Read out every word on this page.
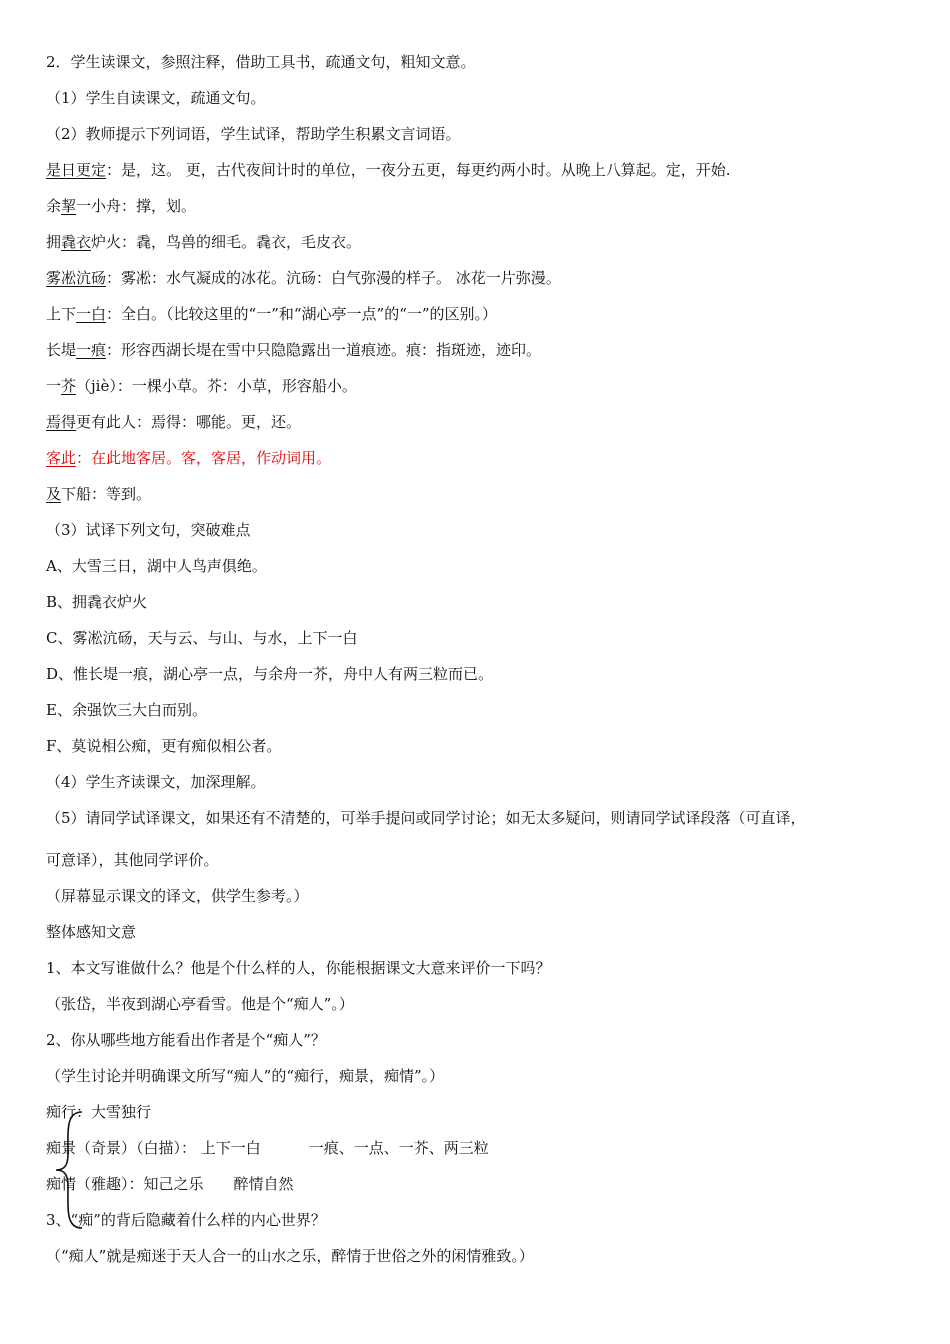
2．学生读课文，参照注释，借助工具书，疏通文句，粗知文意。
（1）学生自读课文，疏通文句。
（2）教师提示下列词语，学生试译，帮助学生积累文言词语。
是日更定：是，这。 更，古代夜间计时的单位，一夜分五更，每更约两小时。从晚上八算起。定，开始.
余挈一小舟：撑，划。
拥毳衣炉火：毳，鸟兽的细毛。毳衣，毛皮衣。
雾凇沆砀：雾凇：水气凝成的冰花。沆砀：白气弥漫的样子。 冰花一片弥漫。
上下一白：全白。（比较这里的“一”和“湖心亭一点”的“一”的区别。）
长堤一痕：形容西湖长堤在雪中只隐隐露出一道痕迹。痕：指斑迹，迹印。
一芥（jiè）：一棵小草。芥：小草，形容船小。
焉得更有此人：焉得：哪能。更，还。
客此：在此地客居。客，客居，作动词用。
及下船：等到。
（3）试译下列文句，突破难点
A、大雪三日，湖中人鸟声俱绝。
B、拥毳衣炉火
C、雾凇沆砀，天与云、与山、与水，上下一白
D、惟长堤一痕，湖心亭一点，与余舟一芥，舟中人有两三粒而已。
E、余强饮三大白而别。
F、莫说相公痴，更有痴似相公者。
（4）学生齐读课文，加深理解。
（5）请同学试译课文，如果还有不清楚的，可举手提问或同学讨论；如无太多疑问，则请同学试译段落（可直译，
可意译），其他同学评价。
（屏幕显示课文的译文，供学生参考。）
整体感知文意
1、本文写谁做什么？他是个什么样的人，你能根据课文大意来评价一下吗？
（张岱，半夜到湖心亭看雪。他是个“痴人”。）
2、你从哪些地方能看出作者是个“痴人”？
（学生讨论并明确课文所写“痴人”的“痴行，痴景，痴情”。）
痴行：大雪独行
痴景（奇景）（白描）： 上下一白	一痕、一点、一芥、两三粒
痴情（雅趣）：知己之乐 醉情自然
3、“痴”的背后隐藏着什么样的内心世界？
（“痴人”就是痴迷于天人合一的山水之乐，醉情于世俗之外的闲情雅致。）
